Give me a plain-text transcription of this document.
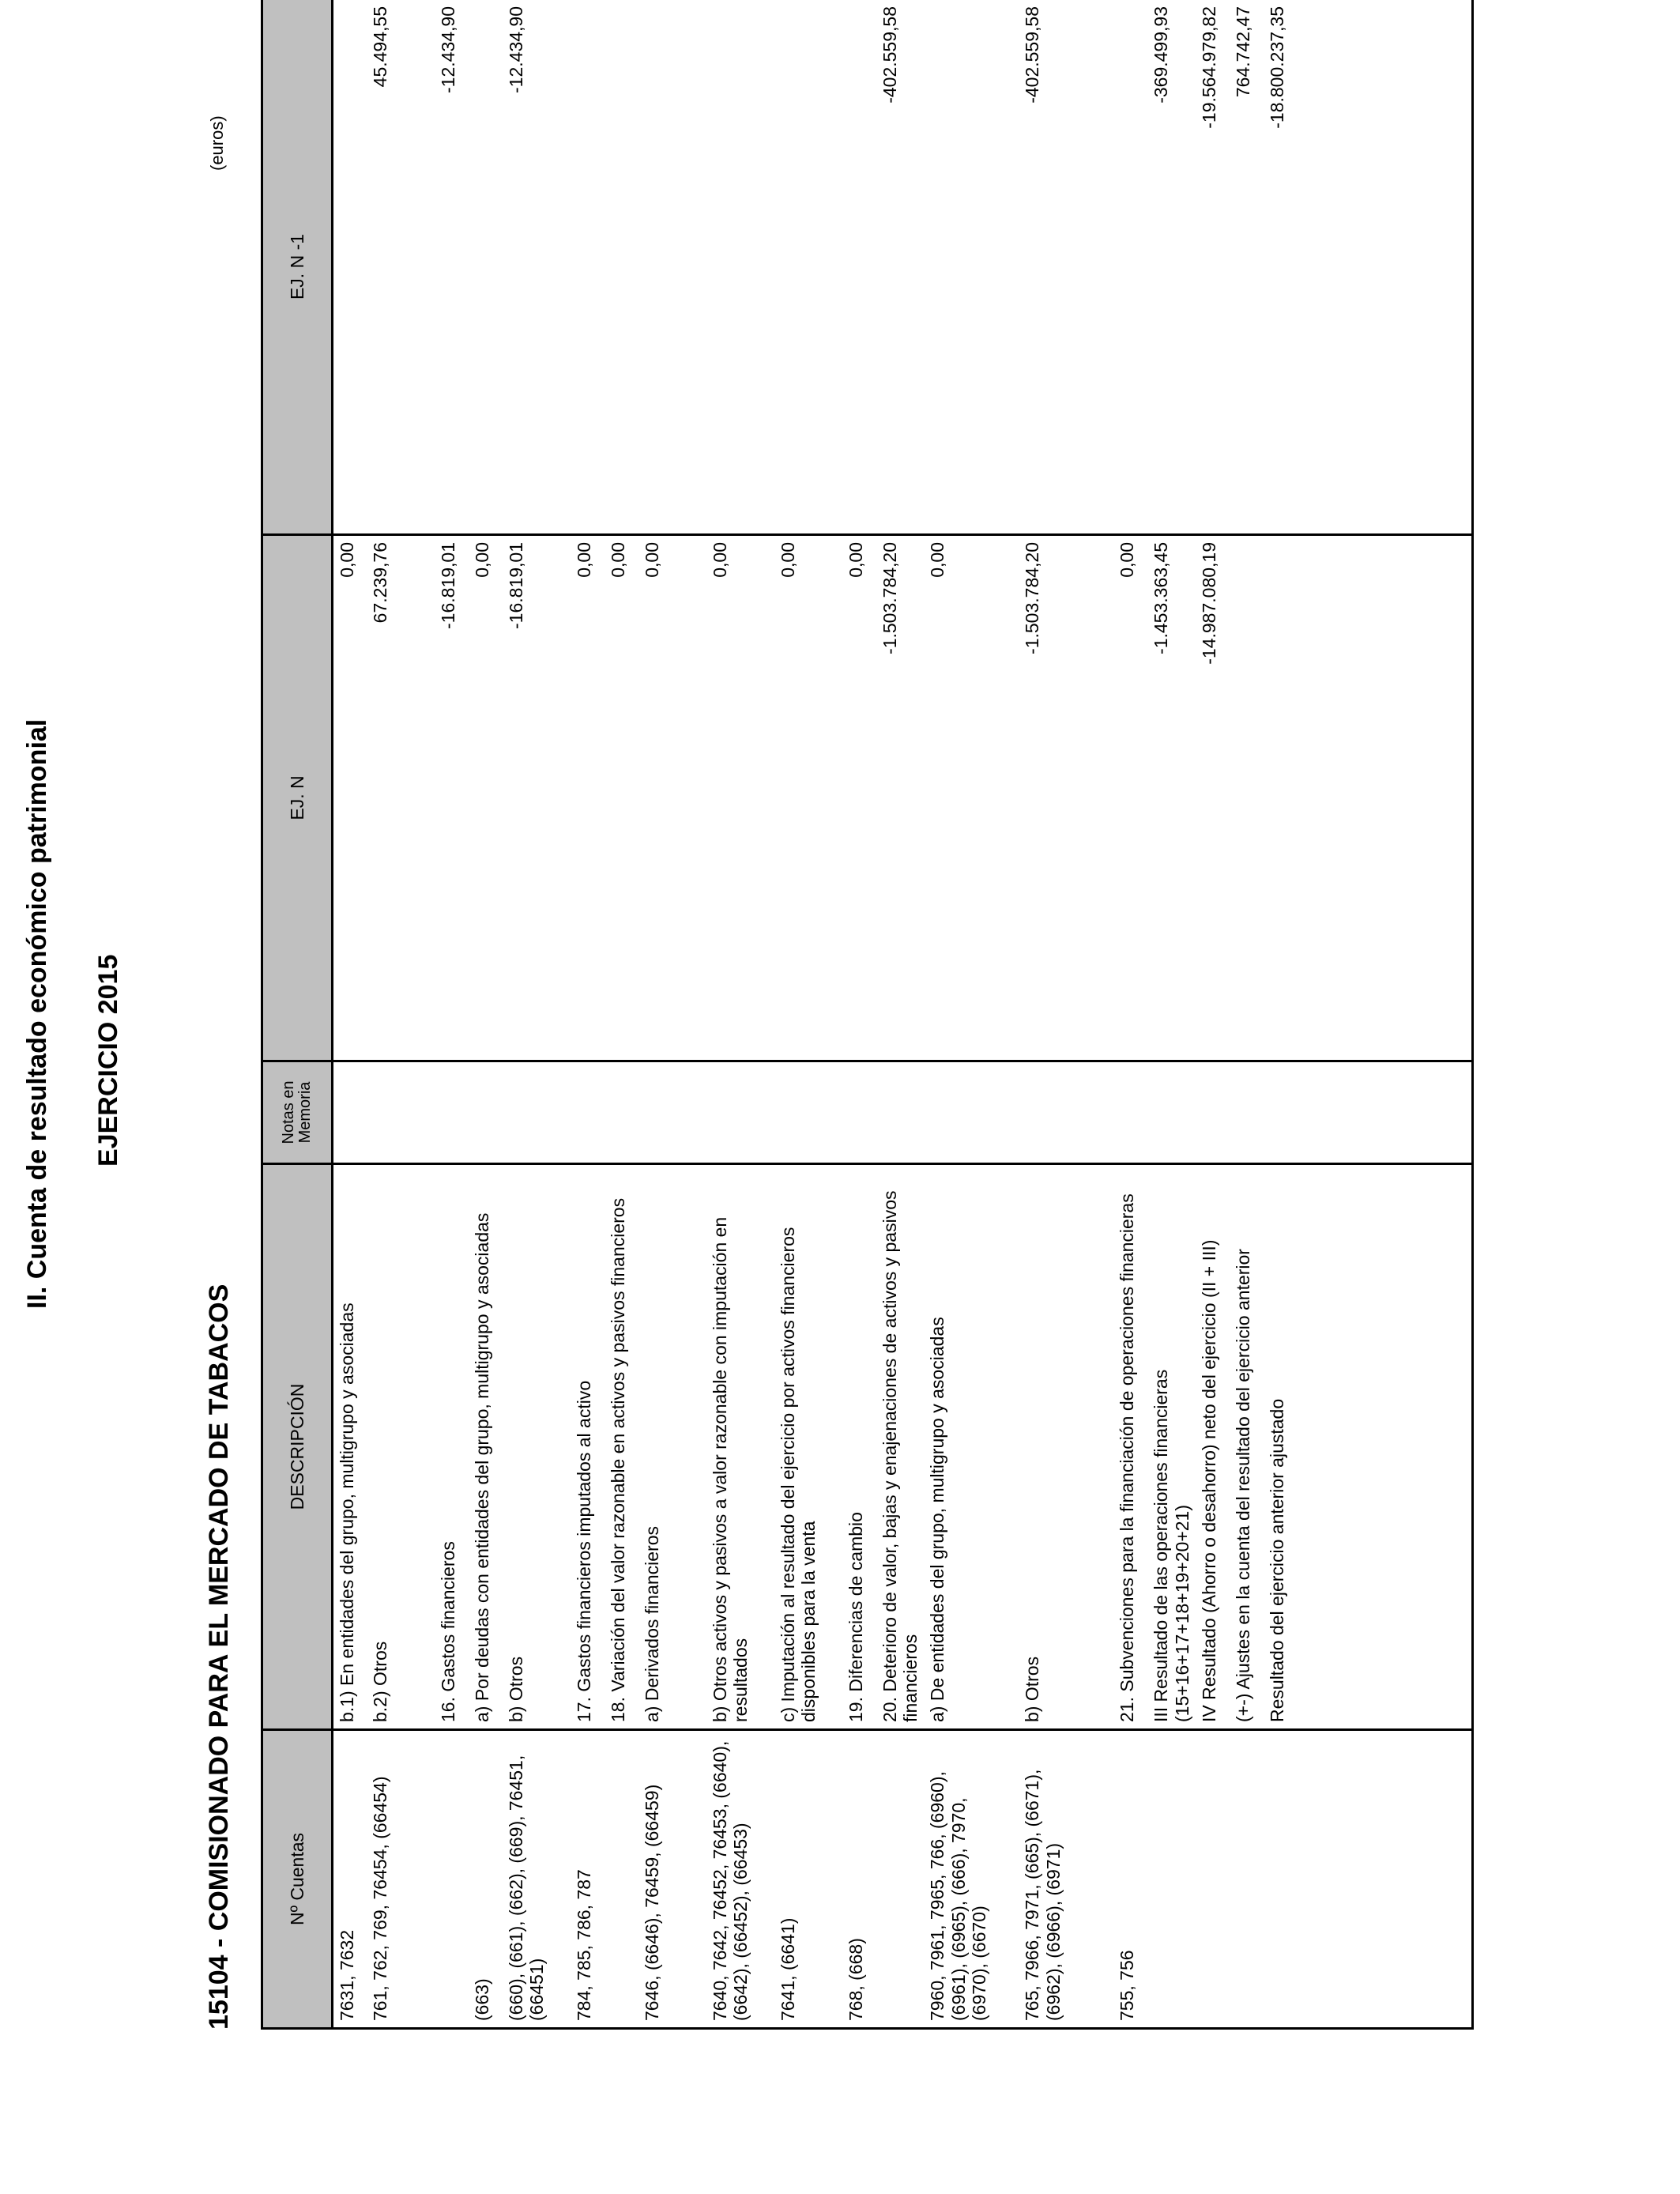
II. Cuenta de resultado económico patrimonial EJERCICIO 2015
15104 - COMISIONADO PARA EL MERCADO DE TABACOS
(euros)
Nº Cuentas	DESCRIPCIÓN	Notas en Memoria	EJ. N	EJ. N -1
7631, 7632	b.1) En entidades del grupo, multigrupo y asociadas		0,00	
761, 762, 769, 76454, (66454)	b.2) Otros		67.239,76	45.494,55
	16. Gastos financieros		-16.819,01	-12.434,90
(663)	a) Por deudas con entidades del grupo, multigrupo y asociadas		0,00	
(660), (661), (662), (669), 76451, (66451)	b) Otros		-16.819,01	-12.434,90
784, 785, 786, 787	17. Gastos financieros imputados al activo		0,00	
	18. Variación del valor razonable en activos y pasivos financieros		0,00	
7646, (6646), 76459, (66459)	a) Derivados financieros		0,00	
7640, 7642, 76452, 76453, (6640), (6642), (66452), (66453)	b) Otros activos y pasivos a valor razonable con imputación en resultados		0,00	
7641, (6641)	c) Imputación al resultado del ejercicio por activos financieros disponibles para la venta		0,00	
768, (668)	19. Diferencias de cambio		0,00	
	20. Deterioro de valor, bajas y enajenaciones de activos y pasivos financieros		-1.503.784,20	-402.559,58
7960, 7961, 7965, 766, (6960), (6961), (6965), (666), 7970, (6970), (6670)	a) De entidades del grupo, multigrupo y asociadas		0,00	
765, 7966, 7971, (665), (6671), (6962), (6966), (6971)	b) Otros		-1.503.784,20	-402.559,58
755, 756	21. Subvenciones para la financiación de operaciones financieras		0,00	
	III Resultado de las operaciones financieras (15+16+17+18+19+20+21)		-1.453.363,45	-369.499,93
	IV Resultado (Ahorro o desahorro) neto del ejercicio (II + III)		-14.987.080,19	-19.564.979,82
	(+-) Ajustes en la cuenta del resultado del ejercicio anterior			764.742,47
	Resultado del ejercicio anterior ajustado			-18.800.237,35
